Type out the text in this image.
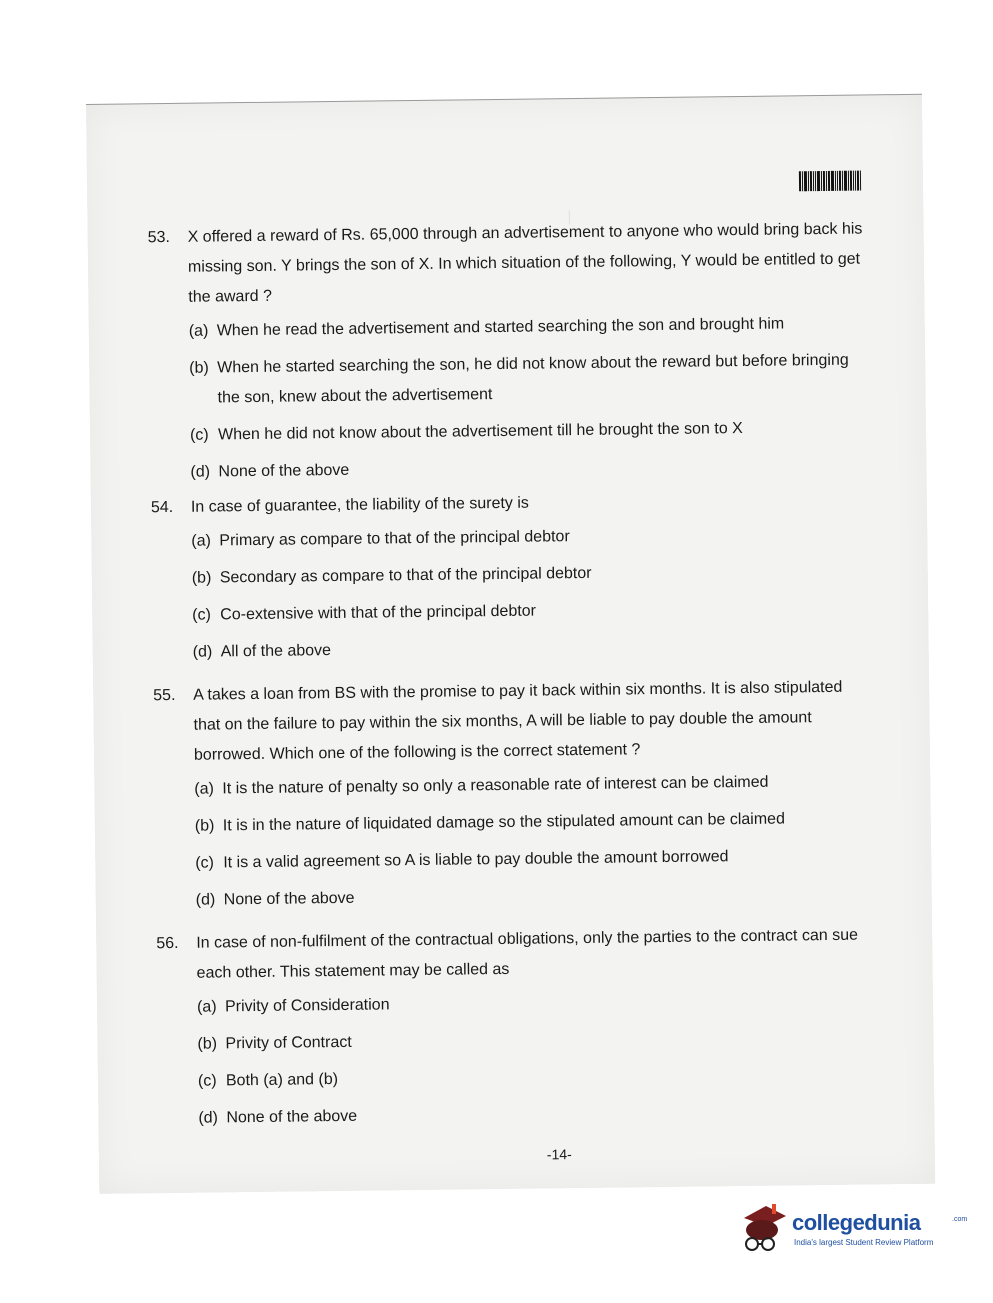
|
53. X offered a reward of Rs. 65,000 through an advertisement to anyone who would bring back his missing son. Y brings the son of X. In which situation of the following, Y would be entitled to get the award ?
(a) When he read the advertisement and started searching the son and brought him
(b) When he started searching the son, he did not know about the reward but before bringing the son, knew about the advertisement
(c) When he did not know about the advertisement till he brought the son to X
(d) None of the above
54. In case of guarantee, the liability of the surety is
(a) Primary as compare to that of the principal debtor
(b) Secondary as compare to that of the principal debtor
(c) Co-extensive with that of the principal debtor
(d) All of the above
55. A takes a loan from BS with the promise to pay it back within six months. It is also stipulated that on the failure to pay within the six months, A will be liable to pay double the amount borrowed. Which one of the following is the correct statement ?
(a) It is the nature of penalty so only a reasonable rate of interest can be claimed
(b) It is in the nature of liquidated damage so the stipulated amount can be claimed
(c) It is a valid agreement so A is liable to pay double the amount borrowed
(d) None of the above
56. In case of non-fulfilment of the contractual obligations, only the parties to the contract can sue each other. This statement may be called as
(a) Privity of Consideration
(b) Privity of Contract
(c) Both (a) and (b)
(d) None of the above
-14-
collegedunia	.com
India's largest Student Review Platform
